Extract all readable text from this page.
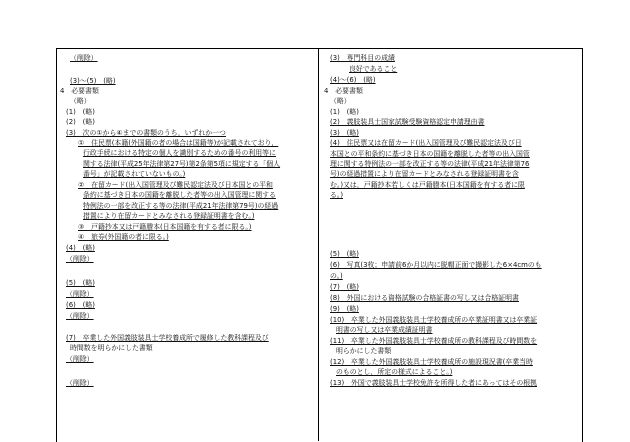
（削除）
(3)～(5)　(略)
4　必要書類
（略）
(1)　(略)
(2)　(略)
(3)　次の①から④までの書類のうち，いずれか一つ
①　住民票(本籍(外国籍の者の場合は国籍等)が記載されており，
行政手続における特定の個人を識別するための番号の利用等に
関する法律(平成25年法律第27号)第2条第5項に規定する「個人
番号」が記載されていないもの。)
②　在留カード(出入国管理及び難民認定法及び日本国との平和
条約に基づき日本の国籍を離脱した者等の出入国管理に関する
特例法の一部を改正する等の法律(平成21年法律第79号)の経過
措置により在留カードとみなされる登録証明書を含む。)
③　戸籍抄本又は戸籍謄本(日本国籍を有する者に限る。)
④　旅券(外国籍の者に限る。)
(4)　(略)
（削除）
(5)　(略)
（削除）
(6)　(略)
（削除）
(7)　卒業した外国義肢装具士学校養成所で履修した教科課程及び
時間数を明らかにした書類
（削除）
（削除）
(3)　専門科目の成績
良好であること
(4)～(6)　(略)
4　必要書類
（略）
(1)　(略)
(2)　義肢装具士国家試験受験資格認定申請理由書
(3)　(略)
(4)　住民票又は在留カード(出入国管理及び難民認定法及び日
本国との平和条約に基づき日本の国籍を離脱した者等の出入国管
理に関する特例法の一部を改正する等の法律(平成21年法律第76
号)の経過措置により在留カードとみなされる登録証明書を含
む。)又は，戸籍抄本若しくは戸籍謄本(日本国籍を有する者に限
る。)
(5)　(略)
(6)　写真(3枚；申請前6か月以内に脱帽正面で撮影した6×4cmのも
の。)
(7)　(略)
(8)　外国における資格試験の合格証書の写し又は合格証明書
(9)　(略)
(10)　卒業した外国義肢装具士学校養成所の卒業証明書又は卒業証
明書の写し又は卒業成績証明書
(11)　卒業した外国義肢装具士学校養成所の教科課程及び時間数を
明らかにした書類
(12)　卒業した外国義肢装具士学校養成所の施設現況書(卒業当時
のものとし，所定の様式によること。)
(13)　外国で義肢装具士学校免許を所得した者にあってはその根拠
